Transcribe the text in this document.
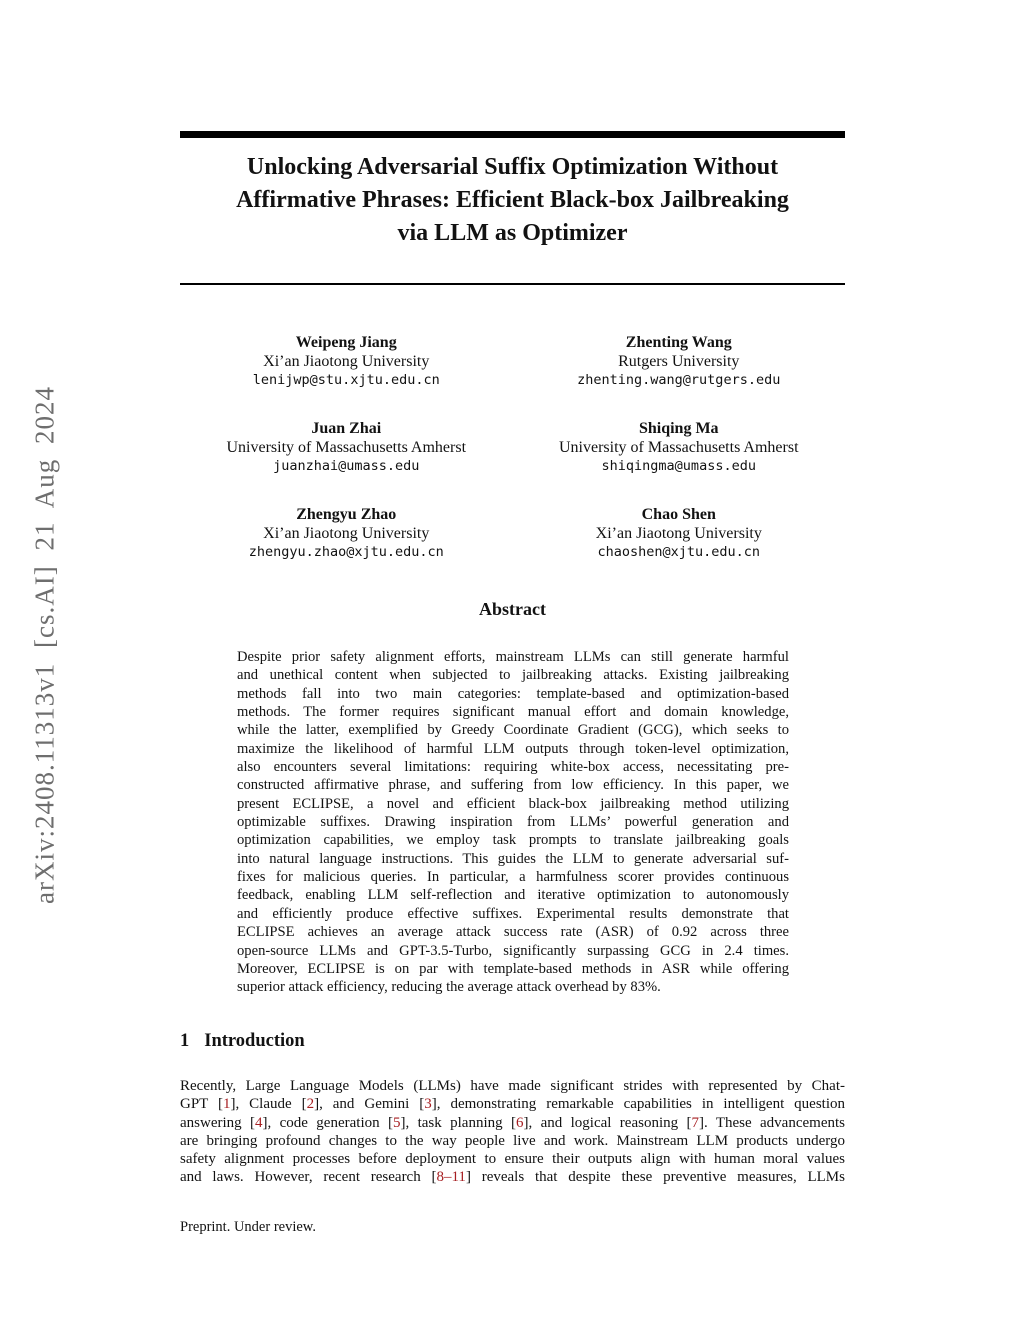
arXiv:2408.11313v1 [cs.AI] 21 Aug 2024
Unlocking Adversarial Suffix Optimization Without
Affirmative Phrases: Efficient Black-box Jailbreaking
via LLM as Optimizer
Weipeng Jiang
Xi’an Jiaotong University
lenijwp@stu.xjtu.edu.cn
Zhenting Wang
Rutgers University
zhenting.wang@rutgers.edu
Juan Zhai
University of Massachusetts Amherst
juanzhai@umass.edu
Shiqing Ma
University of Massachusetts Amherst
shiqingma@umass.edu
Zhengyu Zhao
Xi’an Jiaotong University
zhengyu.zhao@xjtu.edu.cn
Chao Shen
Xi’an Jiaotong University
chaoshen@xjtu.edu.cn
Abstract
Despite prior safety alignment efforts, mainstream LLMs can still generate harmful
and unethical content when subjected to jailbreaking attacks. Existing jailbreaking
methods fall into two main categories: template-based and optimization-based
methods. The former requires significant manual effort and domain knowledge,
while the latter, exemplified by Greedy Coordinate Gradient (GCG), which seeks to
maximize the likelihood of harmful LLM outputs through token-level optimization,
also encounters several limitations: requiring white-box access, necessitating pre-
constructed affirmative phrase, and suffering from low efficiency. In this paper, we
present ECLIPSE, a novel and efficient black-box jailbreaking method utilizing
optimizable suffixes. Drawing inspiration from LLMs’ powerful generation and
optimization capabilities, we employ task prompts to translate jailbreaking goals
into natural language instructions. This guides the LLM to generate adversarial suf-
fixes for malicious queries. In particular, a harmfulness scorer provides continuous
feedback, enabling LLM self-reflection and iterative optimization to autonomously
and efficiently produce effective suffixes. Experimental results demonstrate that
ECLIPSE achieves an average attack success rate (ASR) of 0.92 across three
open-source LLMs and GPT-3.5-Turbo, significantly surpassing GCG in 2.4 times.
Moreover, ECLIPSE is on par with template-based methods in ASR while offering
superior attack efficiency, reducing the average attack overhead by 83%.
1 Introduction
Recently, Large Language Models (LLMs) have made significant strides with represented by Chat-
GPT [1], Claude [2], and Gemini [3], demonstrating remarkable capabilities in intelligent question
answering [4], code generation [5], task planning [6], and logical reasoning [7]. These advancements
are bringing profound changes to the way people live and work. Mainstream LLM products undergo
safety alignment processes before deployment to ensure their outputs align with human moral values
and laws. However, recent research [8–11] reveals that despite these preventive measures, LLMs
Preprint. Under review.
